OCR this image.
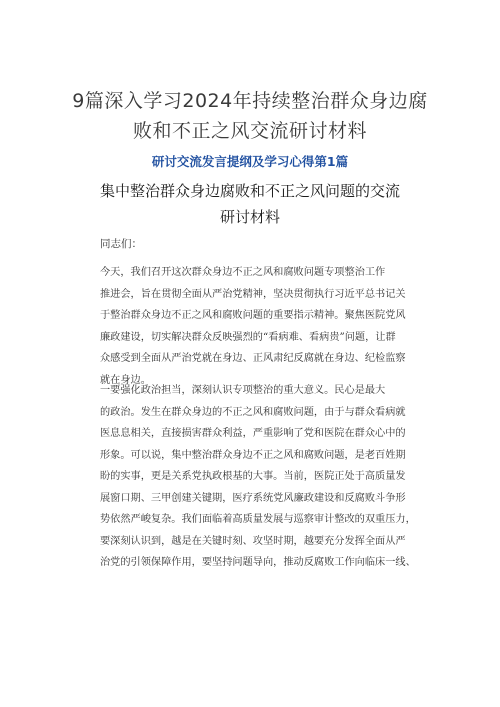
9篇深入学习2024年持续整治群众身边腐
败和不正之风交流研讨材料
研讨交流发言提纲及学习心得第1篇
集中整治群众身边腐败和不正之风问题的交流
研讨材料
同志们：
今天，我们召开这次群众身边不正之风和腐败问题专项整治工作
推进会，旨在贯彻全面从严治党精神，坚决贯彻执行习近平总书记关
于整治群众身边不正之风和腐败问题的重要指示精神。聚焦医院党风
廉政建设，切实解决群众反映强烈的“看病难、看病贵”问题，让群
众感受到全面从严治党就在身边、正风肃纪反腐就在身边、纪检监察
就在身边。
一要强化政治担当，深刻认识专项整治的重大意义。民心是最大
的政治。发生在群众身边的不正之风和腐败问题，由于与群众看病就
医息息相关，直接损害群众利益，严重影响了党和医院在群众心中的
形象。可以说，集中整治群众身边不正之风和腐败问题，是老百姓期
盼的实事，更是关系党执政根基的大事。当前，医院正处于高质量发
展窗口期、三甲创建关键期，医疗系统党风廉政建设和反腐败斗争形
势依然严峻复杂。我们面临着高质量发展与巡察审计整改的双重压力，
要深刻认识到，越是在关键时刻、攻坚时期，越要充分发挥全面从严
治党的引领保障作用，要坚持问题导向，推动反腐败工作向临床一线、
